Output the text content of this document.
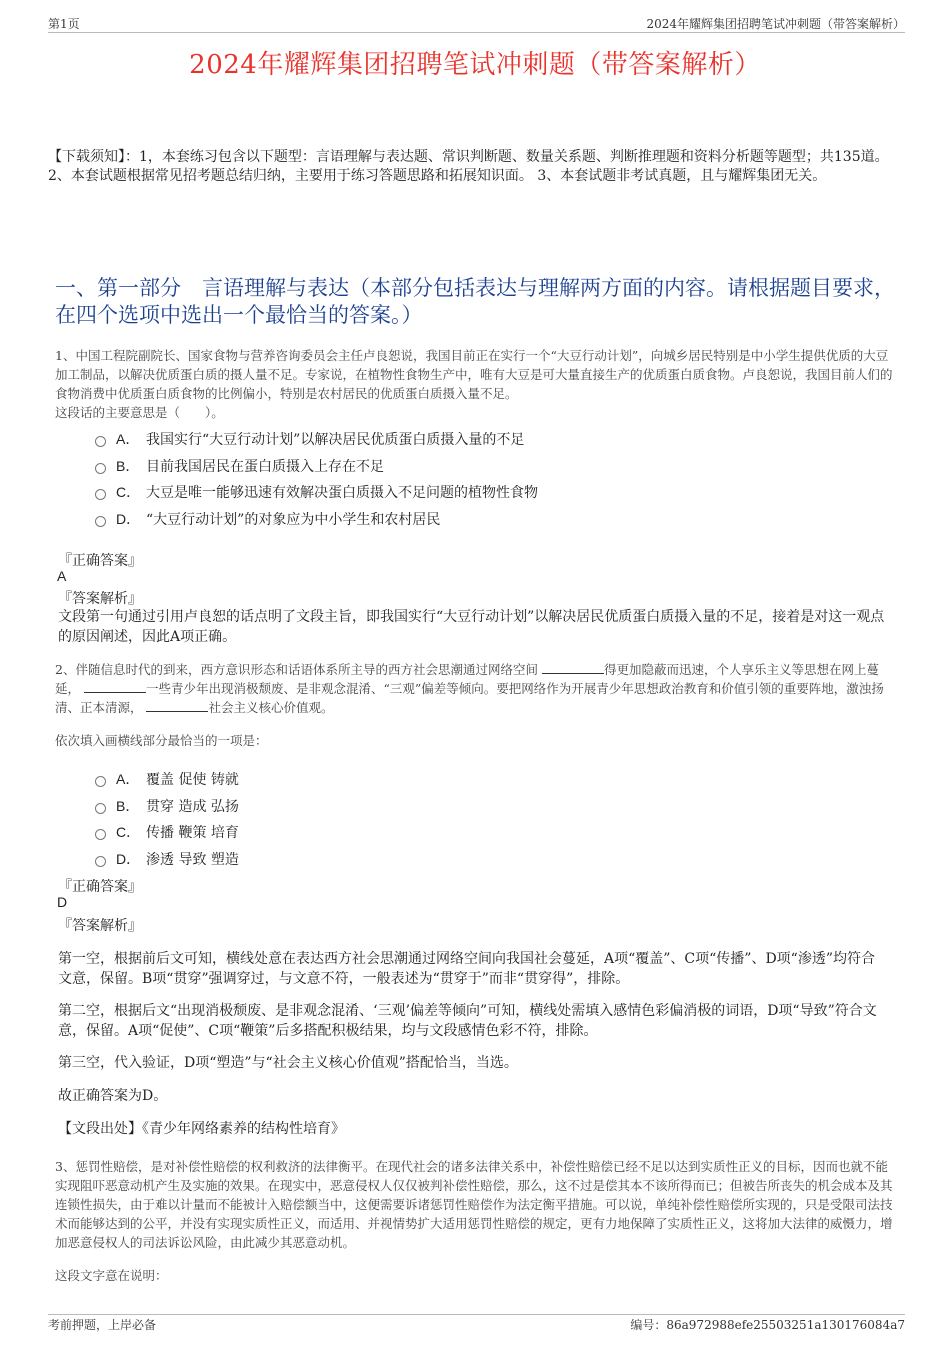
第1页	2024年耀辉集团招聘笔试冲刺题（带答案解析）
2024年耀辉集团招聘笔试冲刺题（带答案解析）
【下载须知】：1，本套练习包含以下题型：言语理解与表达题、常识判断题、数量关系题、判断推理题和资料分析题等题型；共135道。 2、本套试题根据常见招考题总结归纳，主要用于练习答题思路和拓展知识面。 3、本套试题非考试真题，且与耀辉集团无关。
一、第一部分　言语理解与表达（本部分包括表达与理解两方面的内容。请根据题目要求，在四个选项中选出一个最恰当的答案。）
1、中国工程院副院长、国家食物与营养咨询委员会主任卢良恕说，我国目前正在实行一个“大豆行动计划”，向城乡居民特别是中小学生提供优质的大豆加工制品，以解决优质蛋白质的摄人量不足。专家说，在植物性食物生产中，唯有大豆是可大量直接生产的优质蛋白质食物。卢良恕说，我国目前人们的食物消费中优质蛋白质食物的比例偏小，特别是农村居民的优质蛋白质摄入量不足。
这段话的主要意思是（　　）。
A． 我国实行“大豆行动计划”以解决居民优质蛋白质摄入量的不足
B． 目前我国居民在蛋白质摄入上存在不足
C． 大豆是唯一能够迅速有效解决蛋白质摄入不足问题的植物性食物
D． “大豆行动计划”的对象应为中小学生和农村居民
『正确答案』
A
『答案解析』
文段第一句通过引用卢良恕的话点明了文段主旨，即我国实行“大豆行动计划”以解决居民优质蛋白质摄入量的不足，接着是对这一观点的原因阐述，因此A项正确。
2、伴随信息时代的到来，西方意识形态和话语体系所主导的西方社会思潮通过网络空间	得更加隐蔽而迅速，个人享乐主义等思想在网上蔓延，	一些青少年出现消极颓废、是非观念混淆、“三观”偏差等倾向。要把网络作为开展青少年思想政治教育和价值引领的重要阵地，激浊扬清、正本清源，	社会主义核心价值观。
依次填入画横线部分最恰当的一项是：
A． 覆盖 促使 铸就
B． 贯穿 造成 弘扬
C． 传播 鞭策 培育
D． 渗透 导致 塑造
『正确答案』
D
『答案解析』
第一空，根据前后文可知，横线处意在表达西方社会思潮通过网络空间向我国社会蔓延，A项“覆盖”、C项“传播”、D项“渗透”均符合文意，保留。B项“贯穿”强调穿过，与文意不符，一般表述为“贯穿于”而非“贯穿得”，排除。
第二空，根据后文“出现消极颓废、是非观念混淆、‘三观’偏差等倾向”可知，横线处需填入感情色彩偏消极的词语，D项“导致”符合文意，保留。A项“促使”、C项“鞭策”后多搭配积极结果，均与文段感情色彩不符，排除。
第三空，代入验证，D项“塑造”与“社会主义核心价值观”搭配恰当，当选。
故正确答案为D。
【文段出处】《青少年网络素养的结构性培育》
3、惩罚性赔偿，是对补偿性赔偿的权利救济的法律衡平。在现代社会的诸多法律关系中，补偿性赔偿已经不足以达到实质性正义的目标，因而也就不能实现阻吓恶意动机产生及实施的效果。在现实中，恶意侵权人仅仅被判补偿性赔偿，那么，这不过是偿其本不该所得而已；但被告所丧失的机会成本及其连锁性损失，由于难以计量而不能被计入赔偿额当中，这便需要诉诸惩罚性赔偿作为法定衡平措施。可以说，单纯补偿性赔偿所实现的，只是受限司法技术而能够达到的公平，并没有实现实质性正义，而适用、并视情势扩大适用惩罚性赔偿的规定，更有力地保障了实质性正义，这将加大法律的威慑力，增加恶意侵权人的司法诉讼风险，由此减少其恶意动机。
这段文字意在说明：
考前押题，上岸必备	编号：86a972988efe25503251a130176084a7
